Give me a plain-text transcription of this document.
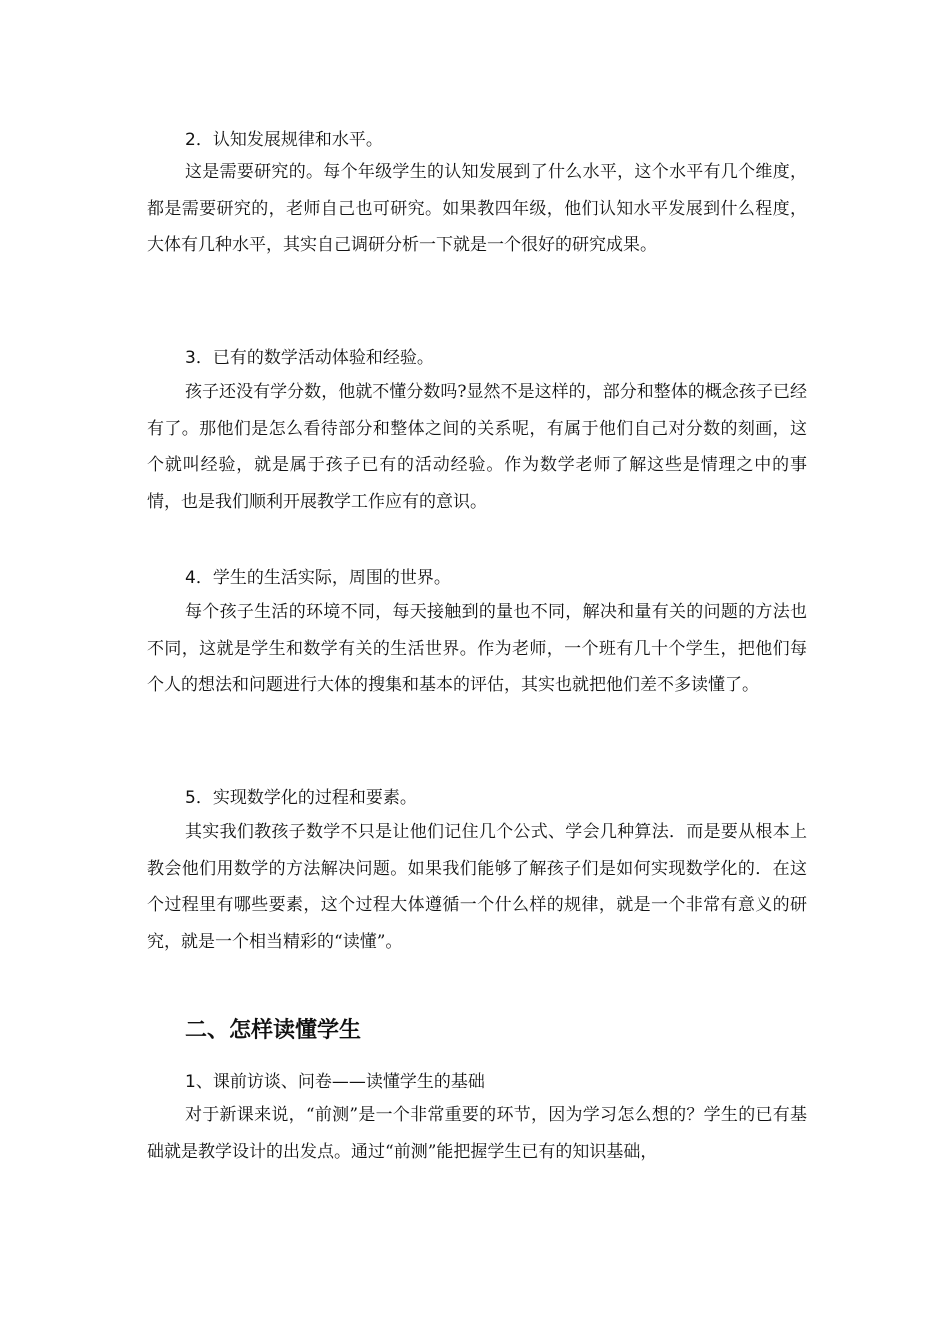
2．认知发展规律和水平。
这是需要研究的。每个年级学生的认知发展到了什么水平，这个水平有几个维度，都是需要研究的，老师自己也可研究。如果教四年级，他们认知水平发展到什么程度，大体有几种水平，其实自己调研分析一下就是一个很好的研究成果。
3．已有的数学活动体验和经验。
孩子还没有学分数，他就不懂分数吗?显然不是这样的，部分和整体的概念孩子已经有了。那他们是怎么看待部分和整体之间的关系呢，有属于他们自己对分数的刻画，这个就叫经验，就是属于孩子已有的活动经验。作为数学老师了解这些是情理之中的事情，也是我们顺利开展教学工作应有的意识。
4．学生的生活实际，周围的世界。
每个孩子生活的环境不同，每天接触到的量也不同，解决和量有关的问题的方法也不同，这就是学生和数学有关的生活世界。作为老师，一个班有几十个学生，把他们每个人的想法和问题进行大体的搜集和基本的评估，其实也就把他们差不多读懂了。
5．实现数学化的过程和要素。
其实我们教孩子数学不只是让他们记住几个公式、学会几种算法．而是要从根本上教会他们用数学的方法解决问题。如果我们能够了解孩子们是如何实现数学化的．在这个过程里有哪些要素，这个过程大体遵循一个什么样的规律，就是一个非常有意义的研究，就是一个相当精彩的“读懂”。
二、怎样读懂学生
1、课前访谈、问卷——读懂学生的基础
对于新课来说，“前测”是一个非常重要的环节，因为学习怎么想的？学生的已有基础就是教学设计的出发点。通过“前测”能把握学生已有的知识基础，
